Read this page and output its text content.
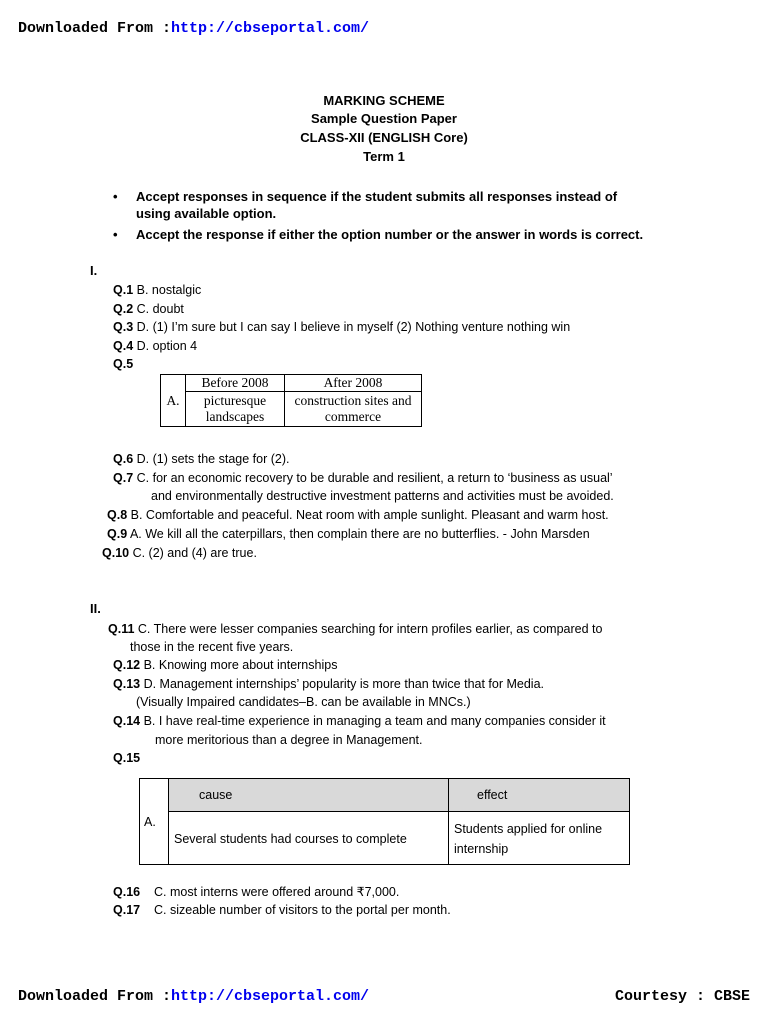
Downloaded From :http://cbseportal.com/
MARKING SCHEME
Sample Question Paper
CLASS-XII (ENGLISH Core)
Term 1
• Accept responses in sequence if the student submits all responses instead of
using available option.
• Accept the response if either the option number or the answer in words is correct.
I.
Q.1 B. nostalgic
Q.2 C. doubt
Q.3 D. (1) I’m sure but I can say I believe in myself (2) Nothing venture nothing win
Q.4 D. option 4
Q.5
A.	Before 2008	After 2008
	picturesque landscapes	construction sites and commerce
Q.6 D. (1) sets the stage for (2).
Q.7 C. for an economic recovery to be durable and resilient, a return to ‘business as usual’
and environmentally destructive investment patterns and activities must be avoided.
Q.8 B. Comfortable and peaceful. Neat room with ample sunlight. Pleasant and warm host.
Q.9 A. We kill all the caterpillars, then complain there are no butterflies. - John Marsden
Q.10 C. (2) and (4) are true.
II.
Q.11 C. There were lesser companies searching for intern profiles earlier, as compared to
those in the recent five years.
Q.12 B. Knowing more about internships
Q.13 D. Management internships’ popularity is more than twice that for Media.
(Visually Impaired candidates–B. can be available in MNCs.)
Q.14 B. I have real-time experience in managing a team and many companies consider it
more meritorious than a degree in Management.
Q.15
A.	cause	effect
	Several students had courses to complete	Students applied for online internship
Q.16    C. most interns were offered around ₹7,000.
Q.17    C. sizeable number of visitors to the portal per month.
Downloaded From :http://cbseportal.com/	Courtesy : CBSE
